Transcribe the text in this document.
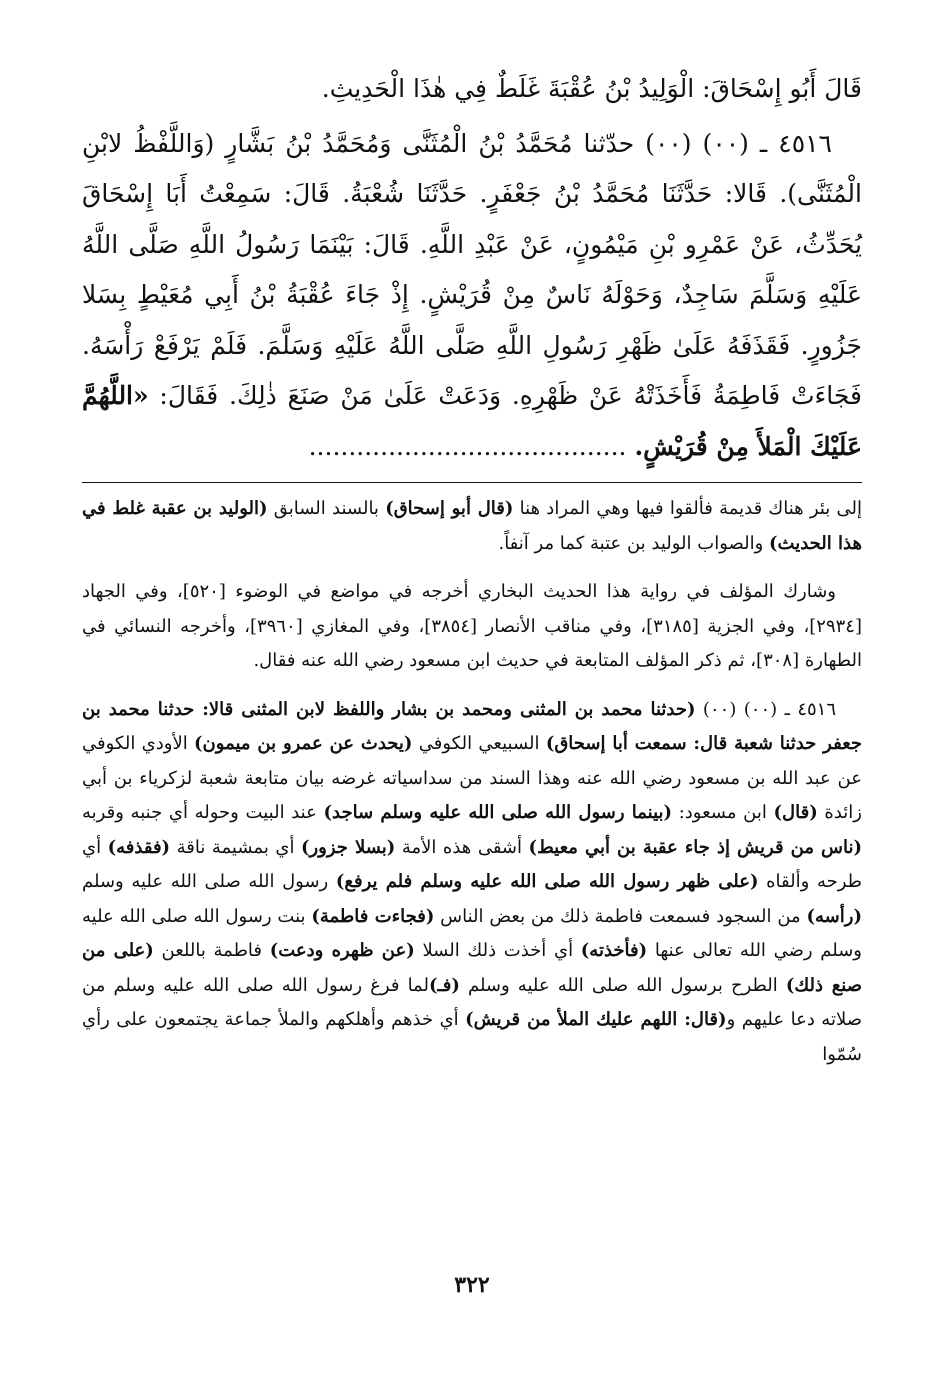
قَالَ أَبُو إِسْحَاقَ: الْوَلِيدُ بْنُ عُقْبَةَ غَلَطٌ فِي هٰذَا الْحَدِيثِ.

٤٥١٦ ـ (٠٠) (٠٠) حدّثنا مُحَمَّدُ بْنُ الْمُثَنَّى وَمُحَمَّدُ بْنُ بَشَّارٍ (وَاللَّفْظُ لابْنِ الْمُثَنَّى). قَالا: حَدَّثَنَا مُحَمَّدُ بْنُ جَعْفَرٍ. حَدَّثَنَا شُعْبَةُ. قَالَ: سَمِعْتُ أَبَا إِسْحَاقَ يُحَدِّثُ، عَنْ عَمْرِو بْنِ مَيْمُونٍ، عَنْ عَبْدِ اللَّهِ. قَالَ: بَيْنَمَا رَسُولُ اللَّهِ صَلَّى اللَّهُ عَلَيْهِ وَسَلَّمَ سَاجِدٌ، وَحَوْلَهُ نَاسٌ مِنْ قُرَيْشٍ. إِذْ جَاءَ عُقْبَةُ بْنُ أَبِي مُعَيْطٍ بِسَلا جَزُورٍ. فَقَذَفَهُ عَلَىٰ ظَهْرِ رَسُولِ اللَّهِ صَلَّى اللَّهُ عَلَيْهِ وَسَلَّمَ. فَلَمْ يَرْفَعْ رَأْسَهُ. فَجَاءَتْ فَاطِمَةُ فَأَخَذَتْهُ عَنْ ظَهْرِهِ. وَدَعَتْ عَلَىٰ مَنْ صَنَعَ ذٰلِكَ. فَقَالَ: «اللَّهُمَّ عَلَيْكَ الْمَلأَ مِنْ قُرَيْشٍ. ........................................

إلى بئر هناك قديمة فألقوا فيها وهي المراد هنا (قال أبو إسحاق) بالسند السابق (الوليد بن عقبة غلط في هذا الحديث) والصواب الوليد بن عتبة كما مر آنفاً.

وشارك المؤلف في رواية هذا الحديث البخاري أخرجه في مواضع في الوضوء [٥٢٠]، وفي الجهاد [٢٩٣٤]، وفي الجزية [٣١٨٥]، وفي مناقب الأنصار [٣٨٥٤]، وفي المغازي [٣٩٦٠]، وأخرجه النسائي في الطهارة [٣٠٨]، ثم ذكر المؤلف المتابعة في حديث ابن مسعود رضي الله عنه فقال.

٤٥١٦ ـ (٠٠) (٠٠) (حدثنا محمد بن المثنى ومحمد بن بشار واللفظ لابن المثنى قالا: حدثنا محمد بن جعفر حدثنا شعبة قال: سمعت أبا إسحاق) السبيعي الكوفي (يحدث عن عمرو بن ميمون) الأودي الكوفي عن عبد الله بن مسعود رضي الله عنه وهذا السند من سداسياته غرضه بيان متابعة شعبة لزكرياء بن أبي زائدة (قال) ابن مسعود: (بينما رسول الله صلى الله عليه وسلم ساجد) عند البيت وحوله أي جنبه وقربه (ناس من قريش إذ جاء عقبة بن أبي معيط) أشقى هذه الأمة (بسلا جزور) أي بمشيمة ناقة (فقذفه) أي طرحه وألقاه (على ظهر رسول الله صلى الله عليه وسلم فلم يرفع) رسول الله صلى الله عليه وسلم (رأسه) من السجود فسمعت فاطمة ذلك من بعض الناس (فجاءت فاطمة) بنت رسول الله صلى الله عليه وسلم رضي الله تعالى عنها (فأخذته) أي أخذت ذلك السلا (عن ظهره ودعت) فاطمة باللعن (على من صنع ذلك) الطرح برسول الله صلى الله عليه وسلم (فـ)لما فرغ رسول الله صلى الله عليه وسلم من صلاته دعا عليهم و(قال: اللهم عليك الملأ من قريش) أي خذهم وأهلكهم والملأ جماعة يجتمعون على رأي سُمّوا

٣٢٢
